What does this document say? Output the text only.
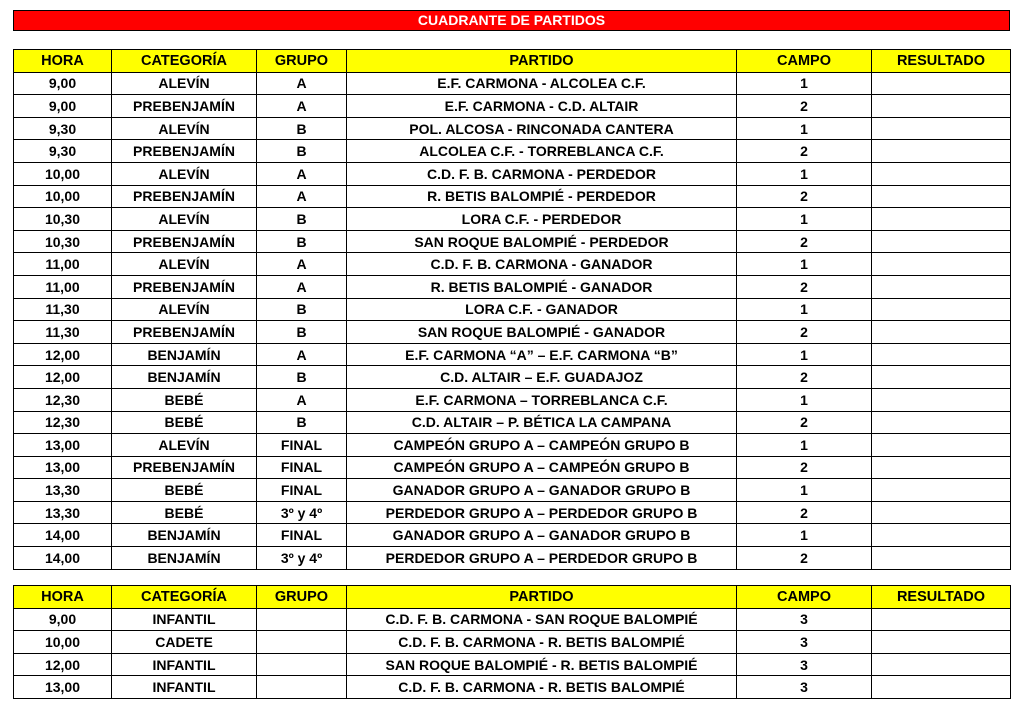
CUADRANTE DE PARTIDOS
HORA	CATEGORÍA	GRUPO	PARTIDO	CAMPO	RESULTADO
9,00	ALEVÍN	A	E.F. CARMONA - ALCOLEA C.F.	1	
9,00	PREBENJAMÍN	A	E.F. CARMONA - C.D. ALTAIR	2	
9,30	ALEVÍN	B	POL. ALCOSA - RINCONADA CANTERA	1	
9,30	PREBENJAMÍN	B	ALCOLEA C.F. - TORREBLANCA C.F.	2	
10,00	ALEVÍN	A	C.D. F. B. CARMONA - PERDEDOR	1	
10,00	PREBENJAMÍN	A	R. BETIS BALOMPIÉ - PERDEDOR	2	
10,30	ALEVÍN	B	LORA C.F. - PERDEDOR	1	
10,30	PREBENJAMÍN	B	SAN ROQUE BALOMPIÉ - PERDEDOR	2	
11,00	ALEVÍN	A	C.D. F. B. CARMONA - GANADOR	1	
11,00	PREBENJAMÍN	A	R. BETIS BALOMPIÉ - GANADOR	2	
11,30	ALEVÍN	B	LORA C.F. - GANADOR	1	
11,30	PREBENJAMÍN	B	SAN ROQUE BALOMPIÉ - GANADOR	2	
12,00	BENJAMÍN	A	E.F. CARMONA “A” – E.F. CARMONA “B”	1	
12,00	BENJAMÍN	B	C.D. ALTAIR – E.F. GUADAJOZ	2	
12,30	BEBÉ	A	E.F. CARMONA – TORREBLANCA C.F.	1	
12,30	BEBÉ	B	C.D. ALTAIR – P. BÉTICA LA CAMPANA	2	
13,00	ALEVÍN	FINAL	CAMPEÓN GRUPO A – CAMPEÓN GRUPO B	1	
13,00	PREBENJAMÍN	FINAL	CAMPEÓN GRUPO A – CAMPEÓN GRUPO B	2	
13,30	BEBÉ	FINAL	GANADOR GRUPO A – GANADOR GRUPO B	1	
13,30	BEBÉ	3º y 4º	PERDEDOR GRUPO A – PERDEDOR GRUPO B	2	
14,00	BENJAMÍN	FINAL	GANADOR GRUPO A – GANADOR GRUPO B	1	
14,00	BENJAMÍN	3º y 4º	PERDEDOR GRUPO A – PERDEDOR GRUPO B	2	
HORA	CATEGORÍA	GRUPO	PARTIDO	CAMPO	RESULTADO
9,00	INFANTIL		C.D. F. B. CARMONA - SAN ROQUE BALOMPIÉ	3	
10,00	CADETE		C.D. F. B. CARMONA - R. BETIS BALOMPIÉ	3	
12,00	INFANTIL		SAN ROQUE BALOMPIÉ - R. BETIS BALOMPIÉ	3	
13,00	INFANTIL		C.D. F. B. CARMONA - R. BETIS BALOMPIÉ	3	
